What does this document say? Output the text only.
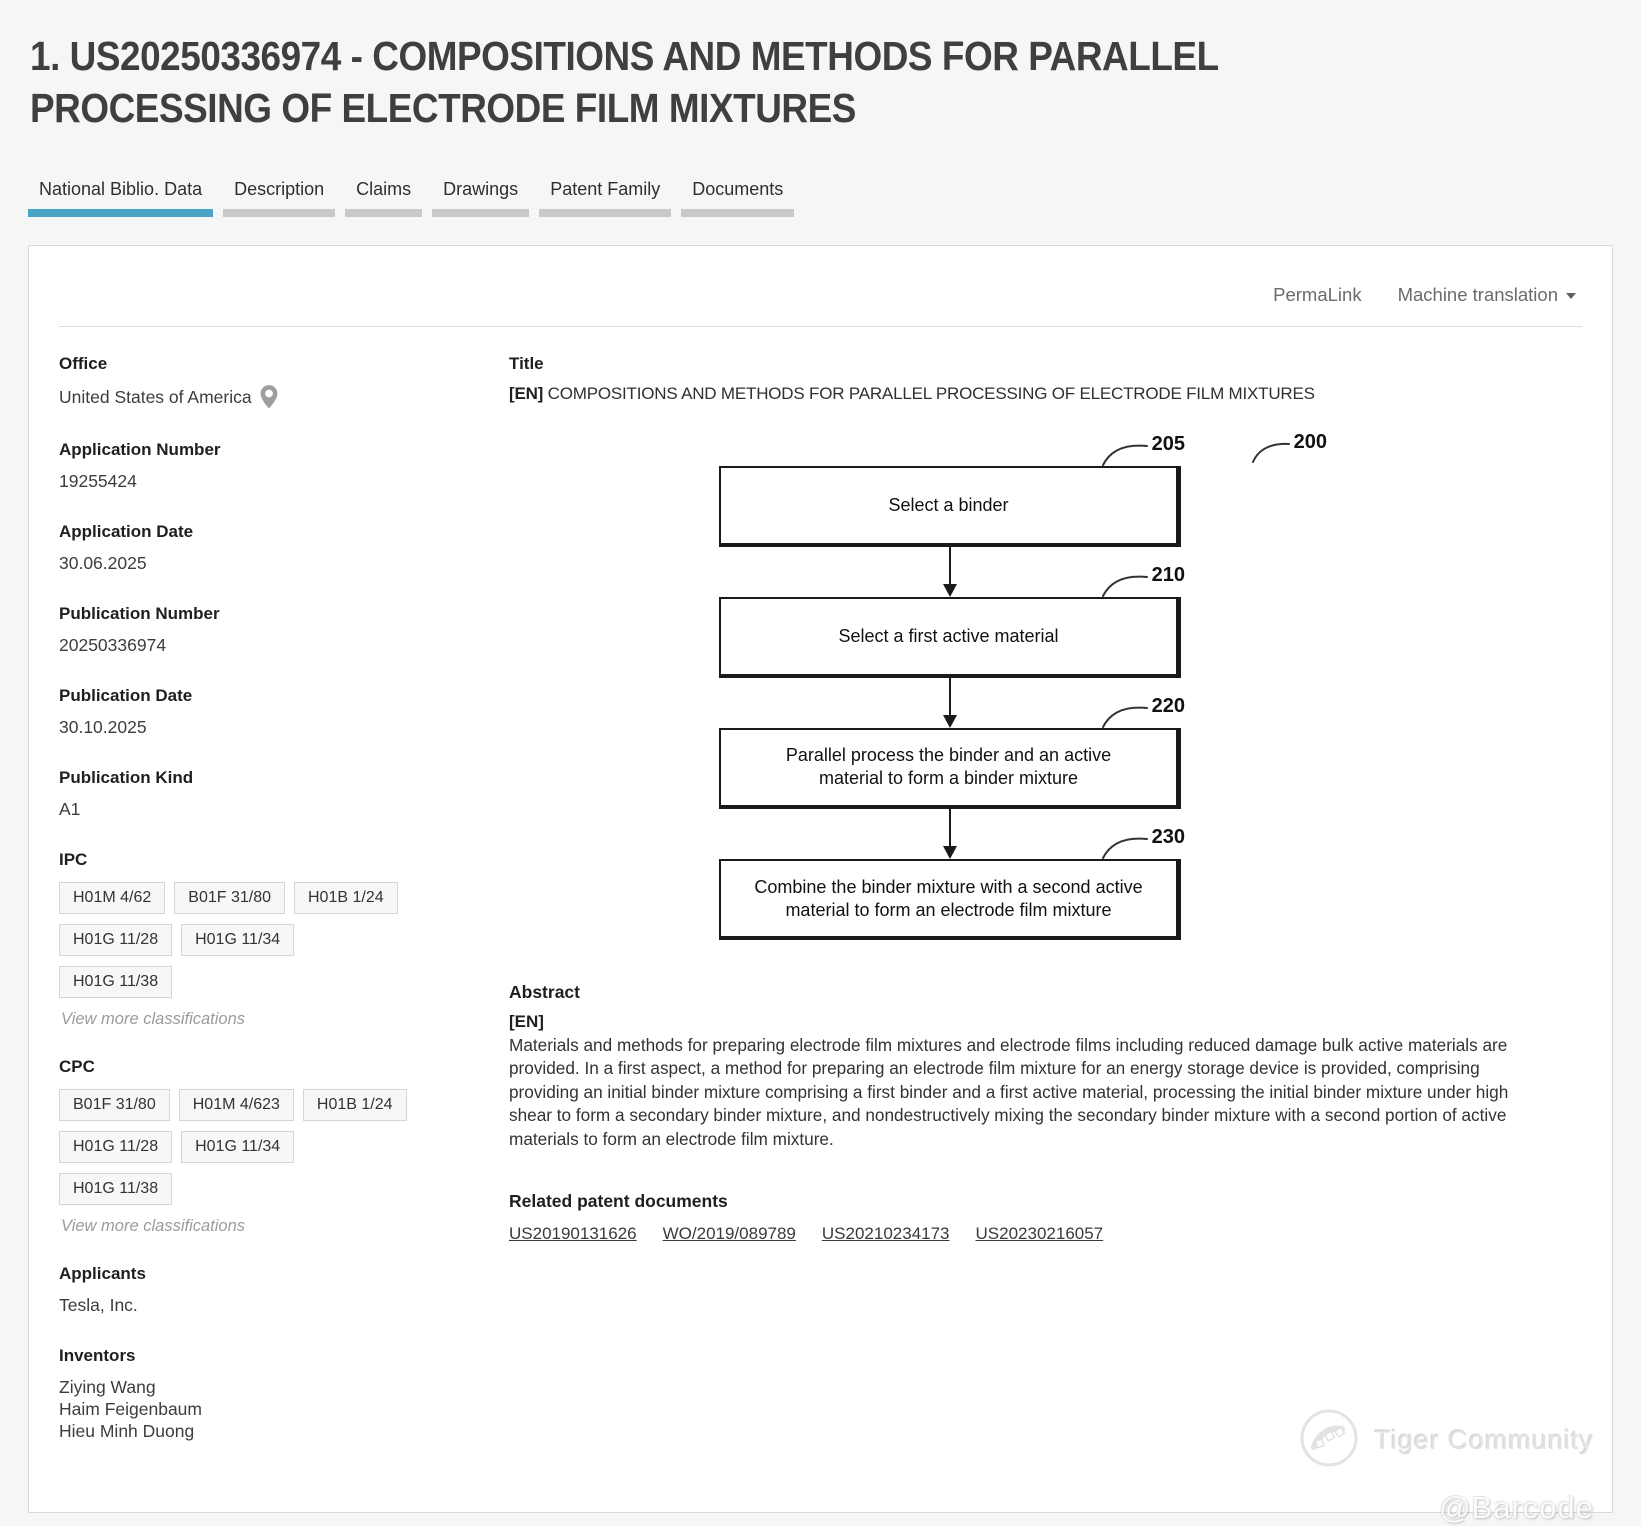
1. US20250336974 - COMPOSITIONS AND METHODS FOR PARALLEL PROCESSING OF ELECTRODE FILM MIXTURES
National Biblio. Data	Description	Claims	Drawings	Patent Family	Documents
PermaLink Machine translation
Office
United States of America
Application Number
19255424
Application Date
30.06.2025
Publication Number
20250336974
Publication Date
30.10.2025
Publication Kind
A1
IPC
H01M 4/62	B01F 31/80	H01B 1/24
H01G 11/28	H01G 11/34
H01G 11/38
View more classifications
CPC
B01F 31/80	H01M 4/623	H01B 1/24
H01G 11/28	H01G 11/34
H01G 11/38
View more classifications
Applicants
Tesla, Inc.
Inventors
Ziying Wang
Haim Feigenbaum
Hieu Minh Duong
Title
[EN] COMPOSITIONS AND METHODS FOR PARALLEL PROCESSING OF ELECTRODE FILM MIXTURES
200
205
Select a binder
210
Select a first active material
220
Parallel process the binder and an active material to form a binder mixture
230
Combine the binder mixture with a second active material to form an electrode film mixture
Abstract
[EN]
Materials and methods for preparing electrode film mixtures and electrode films including reduced damage bulk active materials are provided. In a first aspect, a method for preparing an electrode film mixture for an energy storage device is provided, comprising providing an initial binder mixture comprising a first binder and a first active material, processing the initial binder mixture under high shear to form a secondary binder mixture, and nondestructively mixing the secondary binder mixture with a second portion of active materials to form an electrode film mixture.
Related patent documents
US20190131626 WO/2019/089789 US20210234173 US20230216057
Tiger Community
@Barcode
